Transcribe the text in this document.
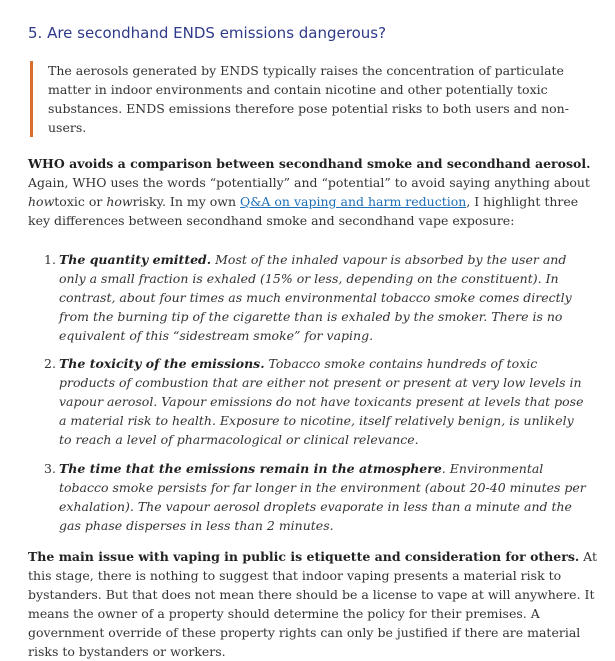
5. Are secondhand ENDS emissions dangerous?
The aerosols generated by ENDS typically raises the concentration of particulate matter in indoor environments and contain nicotine and other potentially toxic substances. ENDS emissions therefore pose potential risks to both users and non-users.

WHO avoids a comparison between secondhand smoke and secondhand aerosol. Again, WHO uses the words “potentially” and “potential” to avoid saying anything about howtoxic or howrisky. In my own Q&A on vaping and harm reduction, I highlight three key differences between secondhand smoke and secondhand vape exposure:

1. The quantity emitted. Most of the inhaled vapour is absorbed by the user and only a small fraction is exhaled (15% or less, depending on the constituent). In contrast, about four times as much environmental tobacco smoke comes directly from the burning tip of the cigarette than is exhaled by the smoker. There is no equivalent of this “sidestream smoke” for vaping.
2. The toxicity of the emissions. Tobacco smoke contains hundreds of toxic products of combustion that are either not present or present at very low levels in vapour aerosol. Vapour emissions do not have toxicants present at levels that pose a material risk to health. Exposure to nicotine, itself relatively benign, is unlikely to reach a level of pharmacological or clinical relevance.
3. The time that the emissions remain in the atmosphere. Environmental tobacco smoke persists for far longer in the environment (about 20-40 minutes per exhalation). The vapour aerosol droplets evaporate in less than a minute and the gas phase disperses in less than 2 minutes.

The main issue with vaping in public is etiquette and consideration for others. At this stage, there is nothing to suggest that indoor vaping presents a material risk to bystanders. But that does not mean there should be a license to vape at will anywhere. It means the owner of a property should determine the policy for their premises. A government override of these property rights can only be justified if there are material risks to bystanders or workers.
